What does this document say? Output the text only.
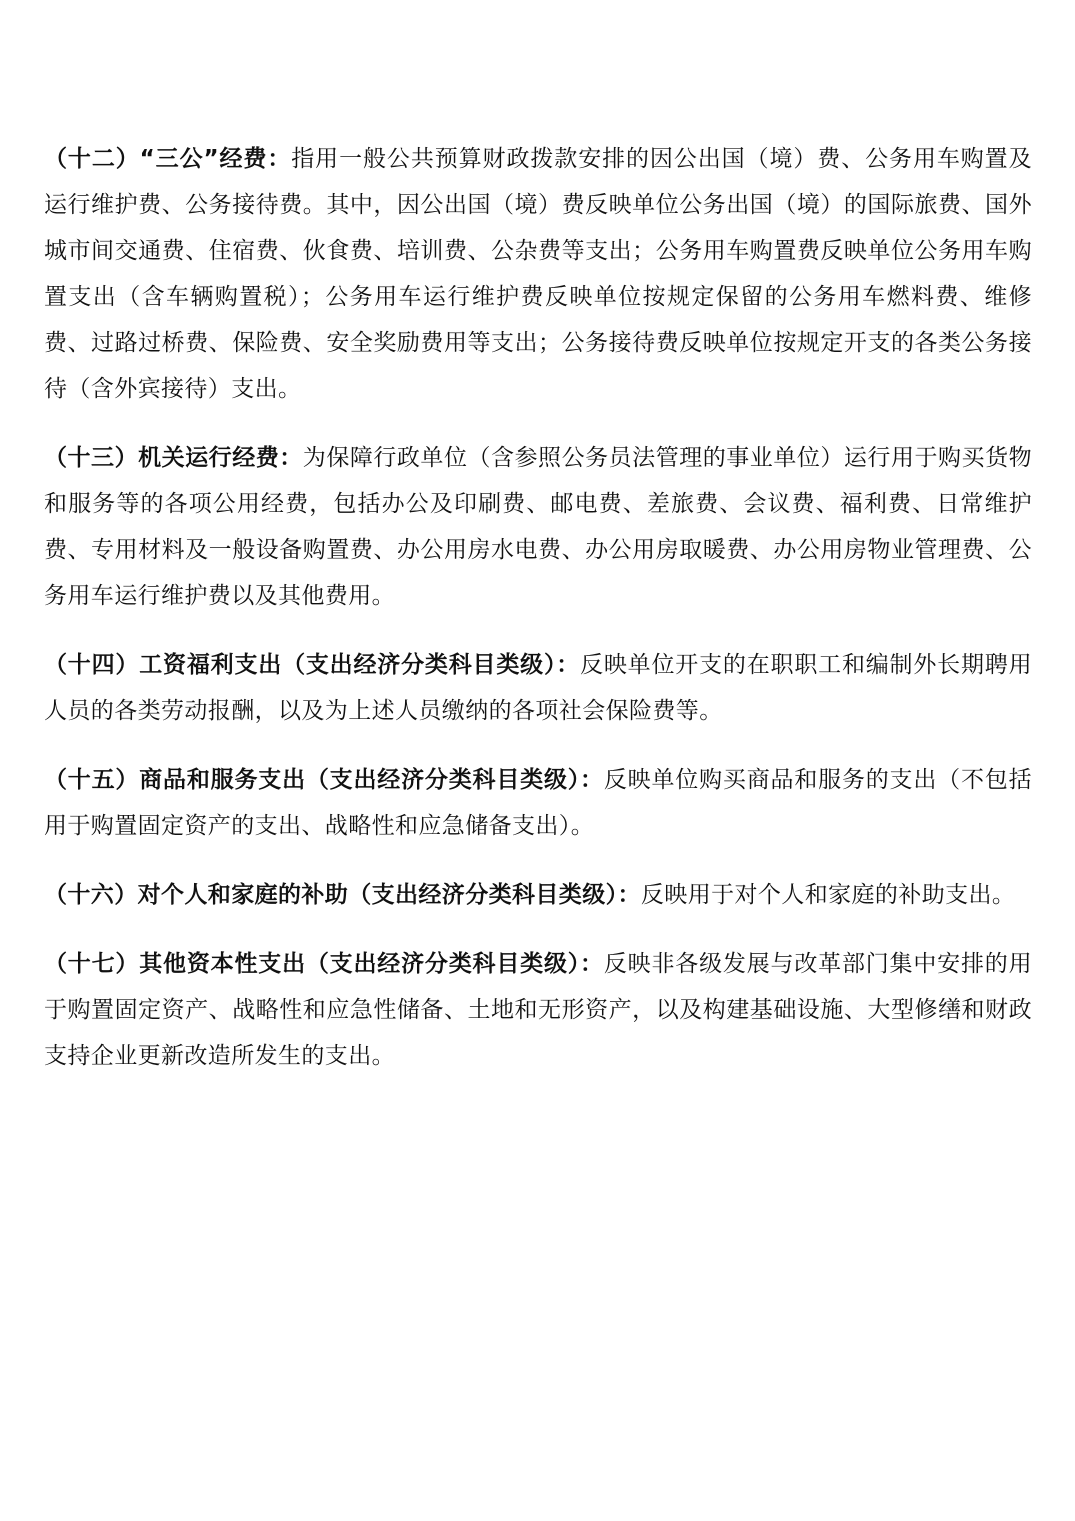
（十二）“三公”经费：指用一般公共预算财政拨款安排的因公出国（境）费、公务用车购置及运行维护费、公务接待费。其中，因公出国（境）费反映单位公务出国（境）的国际旅费、国外城市间交通费、住宿费、伙食费、培训费、公杂费等支出；公务用车购置费反映单位公务用车购置支出（含车辆购置税）；公务用车运行维护费反映单位按规定保留的公务用车燃料费、维修费、过路过桥费、保险费、安全奖励费用等支出；公务接待费反映单位按规定开支的各类公务接待（含外宾接待）支出。

（十三）机关运行经费：为保障行政单位（含参照公务员法管理的事业单位）运行用于购买货物和服务等的各项公用经费，包括办公及印刷费、邮电费、差旅费、会议费、福利费、日常维护 费、专用材料及一般设备购置费、办公用房水电费、办公用房取暖费、办公用房物业管理费、公务用车运行维护费以及其他费用。

（十四）工资福利支出（支出经济分类科目类级）：反映单位开支的在职职工和编制外长期聘用人员的各类劳动报酬，以及为上述人员缴纳的各项社会保险费等。

（十五）商品和服务支出（支出经济分类科目类级）：反映单位购买商品和服务的支出（不包括用于购置固定资产的支出、战略性和应急储备支出）。

（十六）对个人和家庭的补助（支出经济分类科目类级）：反映用于对个人和家庭的补助支出。

（十七）其他资本性支出（支出经济分类科目类级）：反映非各级发展与改革部门集中安排的用于购置固定资产、战略性和应急性储备、土地和无形资产，以及构建基础设施、大型修缮和财政支持企业更新改造所发生的支出。
